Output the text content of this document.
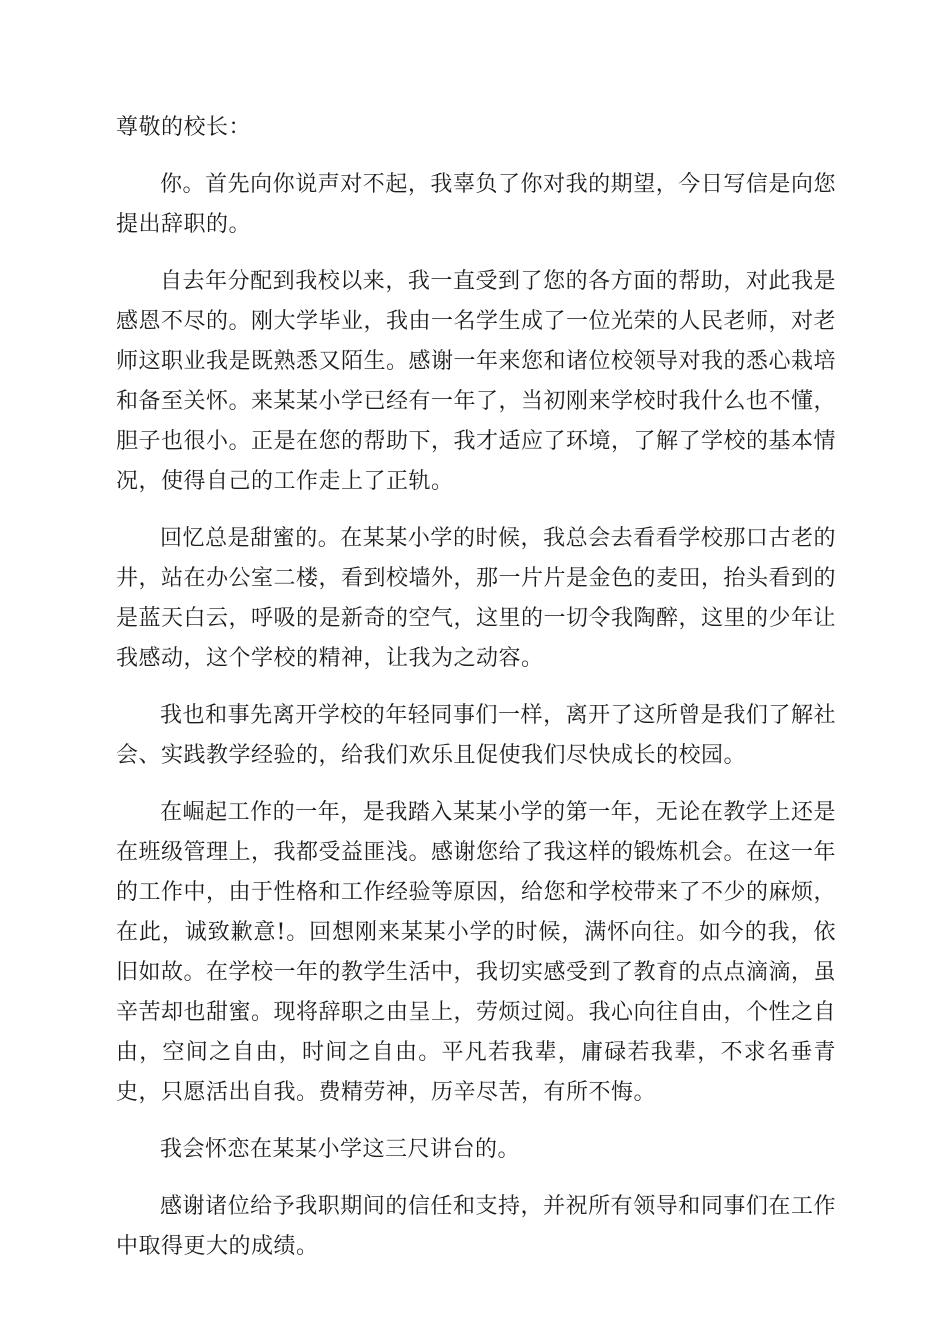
尊敬的校长：

你。首先向你说声对不起，我辜负了你对我的期望，今日写信是向您提出辞职的。

自去年分配到我校以来，我一直受到了您的各方面的帮助，对此我是感恩不尽的。刚大学毕业，我由一名学生成了一位光荣的人民老师，对老师这职业我是既熟悉又陌生。感谢一年来您和诸位校领导对我的悉心栽培和备至关怀。来某某小学已经有一年了，当初刚来学校时我什么也不懂，胆子也很小。正是在您的帮助下，我才适应了环境，了解了学校的基本情况，使得自己的工作走上了正轨。

回忆总是甜蜜的。在某某小学的时候，我总会去看看学校那口古老的井，站在办公室二楼，看到校墙外，那一片片是金色的麦田，抬头看到的是蓝天白云，呼吸的是新奇的空气，这里的一切令我陶醉，这里的少年让我感动，这个学校的精神，让我为之动容。

我也和事先离开学校的年轻同事们一样，离开了这所曾是我们了解社会、实践教学经验的，给我们欢乐且促使我们尽快成长的校园。

在崛起工作的一年，是我踏入某某小学的第一年，无论在教学上还是在班级管理上，我都受益匪浅。感谢您给了我这样的锻炼机会。在这一年的工作中，由于性格和工作经验等原因，给您和学校带来了不少的麻烦，在此，诚致歉意!。回想刚来某某小学的时候，满怀向往。如今的我，依旧如故。在学校一年的教学生活中，我切实感受到了教育的点点滴滴，虽辛苦却也甜蜜。现将辞职之由呈上，劳烦过阅。我心向往自由，个性之自由，空间之自由，时间之自由。平凡若我辈，庸碌若我辈，不求名垂青史，只愿活出自我。费精劳神，历辛尽苦，有所不悔。

我会怀恋在某某小学这三尺讲台的。

感谢诸位给予我职期间的信任和支持，并祝所有领导和同事们在工作中取得更大的成绩。
